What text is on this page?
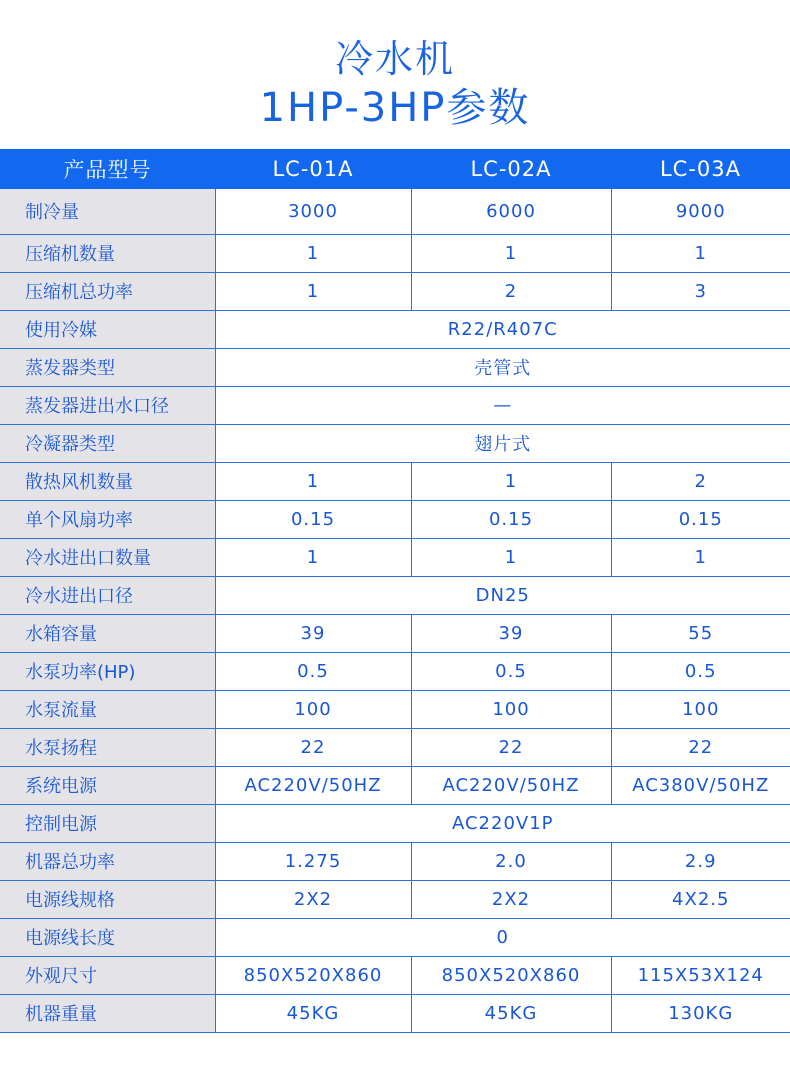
冷水机
1HP-3HP参数
产品型号	LC-01A	LC-02A	LC-03A
制冷量	3000	6000	9000
压缩机数量	1	1	1
压缩机总功率	1	2	3
使用冷媒	R22/R407C		
蒸发器类型	壳管式		
蒸发器进出水口径	—		
冷凝器类型	翅片式		
散热风机数量	1	1	2
单个风扇功率	0.15	0.15	0.15
冷水进出口数量	1	1	1
冷水进出口径	DN25		
水箱容量	39	39	55
水泵功率(HP)	0.5	0.5	0.5
水泵流量	100	100	100
水泵扬程	22	22	22
系统电源	AC220V/50HZ	AC220V/50HZ	AC380V/50HZ
控制电源	AC220V1P		
机器总功率	1.275	2.0	2.9
电源线规格	2X2	2X2	4X2.5
电源线长度	0		
外观尺寸	850X520X860	850X520X860	115X53X124
机器重量	45KG	45KG	130KG
